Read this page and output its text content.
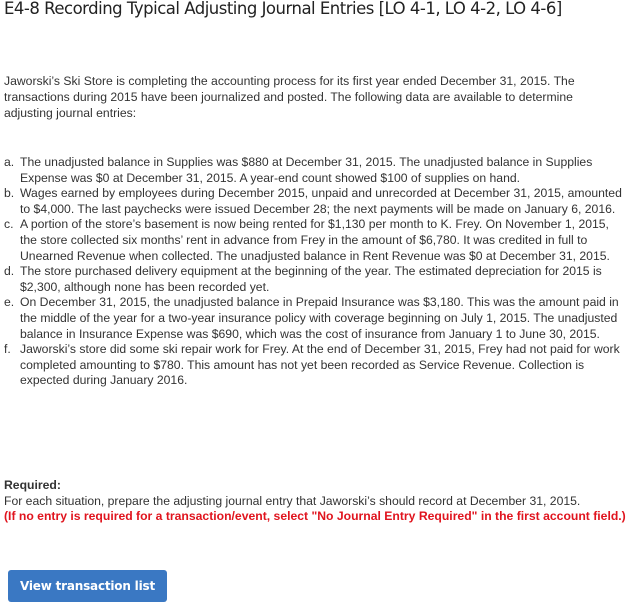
E4-8 Recording Typical Adjusting Journal Entries [LO 4-1, LO 4-2, LO 4-6]

Jaworski’s Ski Store is completing the accounting process for its first year ended December 31, 2015. The transactions during 2015 have been journalized and posted. The following data are available to determine adjusting journal entries:

a. The unadjusted balance in Supplies was $880 at December 31, 2015. The unadjusted balance in Supplies Expense was $0 at December 31, 2015. A year-end count showed $100 of supplies on hand.
b. Wages earned by employees during December 2015, unpaid and unrecorded at December 31, 2015, amounted to $4,000. The last paychecks were issued December 28; the next payments will be made on January 6, 2016.
c. A portion of the store’s basement is now being rented for $1,130 per month to K. Frey. On November 1, 2015, the store collected six months’ rent in advance from Frey in the amount of $6,780. It was credited in full to Unearned Revenue when collected. The unadjusted balance in Rent Revenue was $0 at December 31, 2015.
d. The store purchased delivery equipment at the beginning of the year. The estimated depreciation for 2015 is $2,300, although none has been recorded yet.
e. On December 31, 2015, the unadjusted balance in Prepaid Insurance was $3,180. This was the amount paid in the middle of the year for a two-year insurance policy with coverage beginning on July 1, 2015. The unadjusted balance in Insurance Expense was $690, which was the cost of insurance from January 1 to June 30, 2015.
f. Jaworski’s store did some ski repair work for Frey. At the end of December 31, 2015, Frey had not paid for work completed amounting to $780. This amount has not yet been recorded as Service Revenue. Collection is expected during January 2016.
Required:
For each situation, prepare the adjusting journal entry that Jaworski’s should record at December 31, 2015.
(If no entry is required for a transaction/event, select "No Journal Entry Required" in the first account field.)
View transaction list
